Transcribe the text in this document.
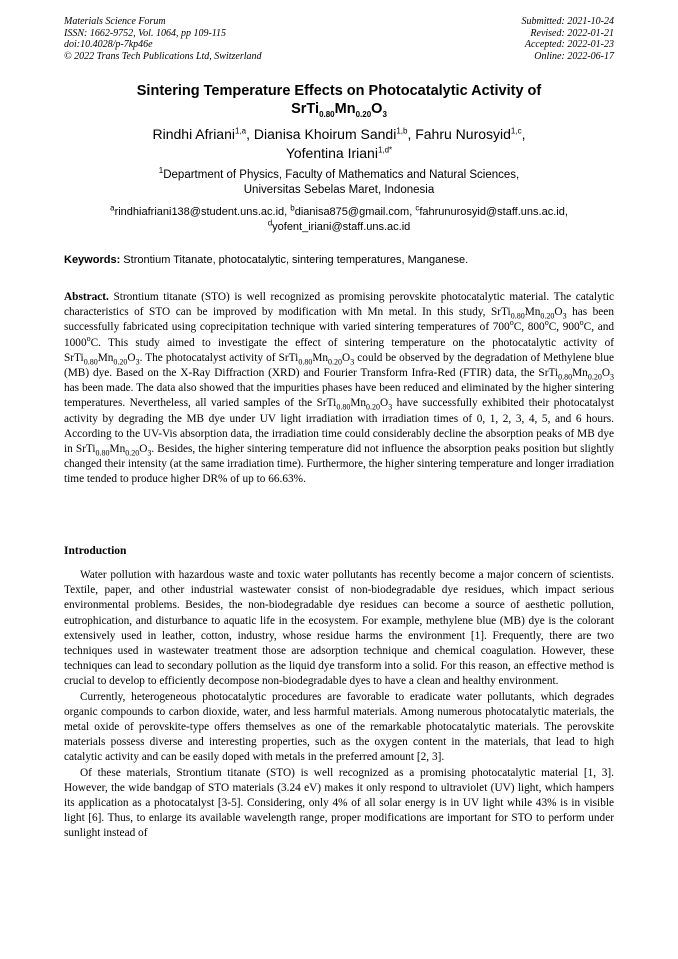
Materials Science Forum
ISSN: 1662-9752, Vol. 1064, pp 109-115
doi:10.4028/p-7kp46e
© 2022 Trans Tech Publications Ltd, Switzerland
Submitted: 2021-10-24
Revised: 2022-01-21
Accepted: 2022-01-23
Online: 2022-06-17
Sintering Temperature Effects on Photocatalytic Activity of
$SrTi_{0.80}Mn_{0.20}O_3$
Rindhi Afriani$^{1,a}$, Dianisa Khoirum Sandi$^{1,b}$, Fahru Nurosyid$^{1,c}$,
Yofentina Iriani$^{1,d*}$
$^1$Department of Physics, Faculty of Mathematics and Natural Sciences,
Universitas Sebelas Maret, Indonesia
$^a$rindhiafriani138@student.uns.ac.id, $^b$dianisa875@gmail.com, $^c$fahrunurosyid@staff.uns.ac.id,
$^d$yofent_iriani@staff.uns.ac.id
Keywords: Strontium Titanate, photocatalytic, sintering temperatures, Manganese.
Abstract. Strontium titanate (STO) is well recognized as promising perovskite photocatalytic material. The catalytic characteristics of STO can be improved by modification with Mn metal. In this study, $SrTi_{0.80}Mn_{0.20}O_3$ has been successfully fabricated using coprecipitation technique with varied sintering temperatures of 700$^o$C, 800$^o$C, 900$^o$C, and 1000$^o$C. This study aimed to investigate the effect of sintering temperature on the photocatalytic activity of $SrTi_{0.80}Mn_{0.20}O_3$. The photocatalyst activity of $SrTi_{0.80}Mn_{0.20}O_3$ could be observed by the degradation of Methylene blue (MB) dye. Based on the X-Ray Diffraction (XRD) and Fourier Transform Infra-Red (FTIR) data, the $SrTi_{0.80}Mn_{0.20}O_3$ has been made. The data also showed that the impurities phases have been reduced and eliminated by the higher sintering temperatures. Nevertheless, all varied samples of the $SrTi_{0.80}Mn_{0.20}O_3$ have successfully exhibited their photocatalyst activity by degrading the MB dye under UV light irradiation with irradiation times of 0, 1, 2, 3, 4, 5, and 6 hours. According to the UV-Vis absorption data, the irradiation time could considerably decline the absorption peaks of MB dye in $SrTi_{0.80}Mn_{0.20}O_3$. Besides, the higher sintering temperature did not influence the absorption peaks position but slightly changed their intensity (at the same irradiation time). Furthermore, the higher sintering temperature and longer irradiation time tended to produce higher DR% of up to 66.63%.
Introduction

Water pollution with hazardous waste and toxic water pollutants has recently become a major concern of scientists. Textile, paper, and other industrial wastewater consist of non-biodegradable dye residues, which impact serious environmental problems. Besides, the non-biodegradable dye residues can become a source of aesthetic pollution, eutrophication, and disturbance to aquatic life in the ecosystem. For example, methylene blue (MB) dye is the colorant extensively used in leather, cotton, industry, whose residue harms the environment [1]. Frequently, there are two techniques used in wastewater treatment those are adsorption technique and chemical coagulation. However, these techniques can lead to secondary pollution as the liquid dye transform into a solid. For this reason, an effective method is crucial to develop to efficiently decompose non-biodegradable dyes to have a clean and healthy environment.

Currently, heterogeneous photocatalytic procedures are favorable to eradicate water pollutants, which degrades organic compounds to carbon dioxide, water, and less harmful materials. Among numerous photocatalytic materials, the metal oxide of perovskite-type offers themselves as one of the remarkable photocatalytic materials. The perovskite materials possess diverse and interesting properties, such as the oxygen content in the materials, that lead to high catalytic activity and can be easily doped with metals in the preferred amount [2, 3].

Of these materials, Strontium titanate (STO) is well recognized as a promising photocatalytic material [1, 3]. However, the wide bandgap of STO materials (3.24 eV) makes it only respond to ultraviolet (UV) light, which hampers its application as a photocatalyst [3-5]. Considering, only 4% of all solar energy is in UV light while 43% is in visible light [6]. Thus, to enlarge its available wavelength range, proper modifications are important for STO to perform under sunlight instead of
